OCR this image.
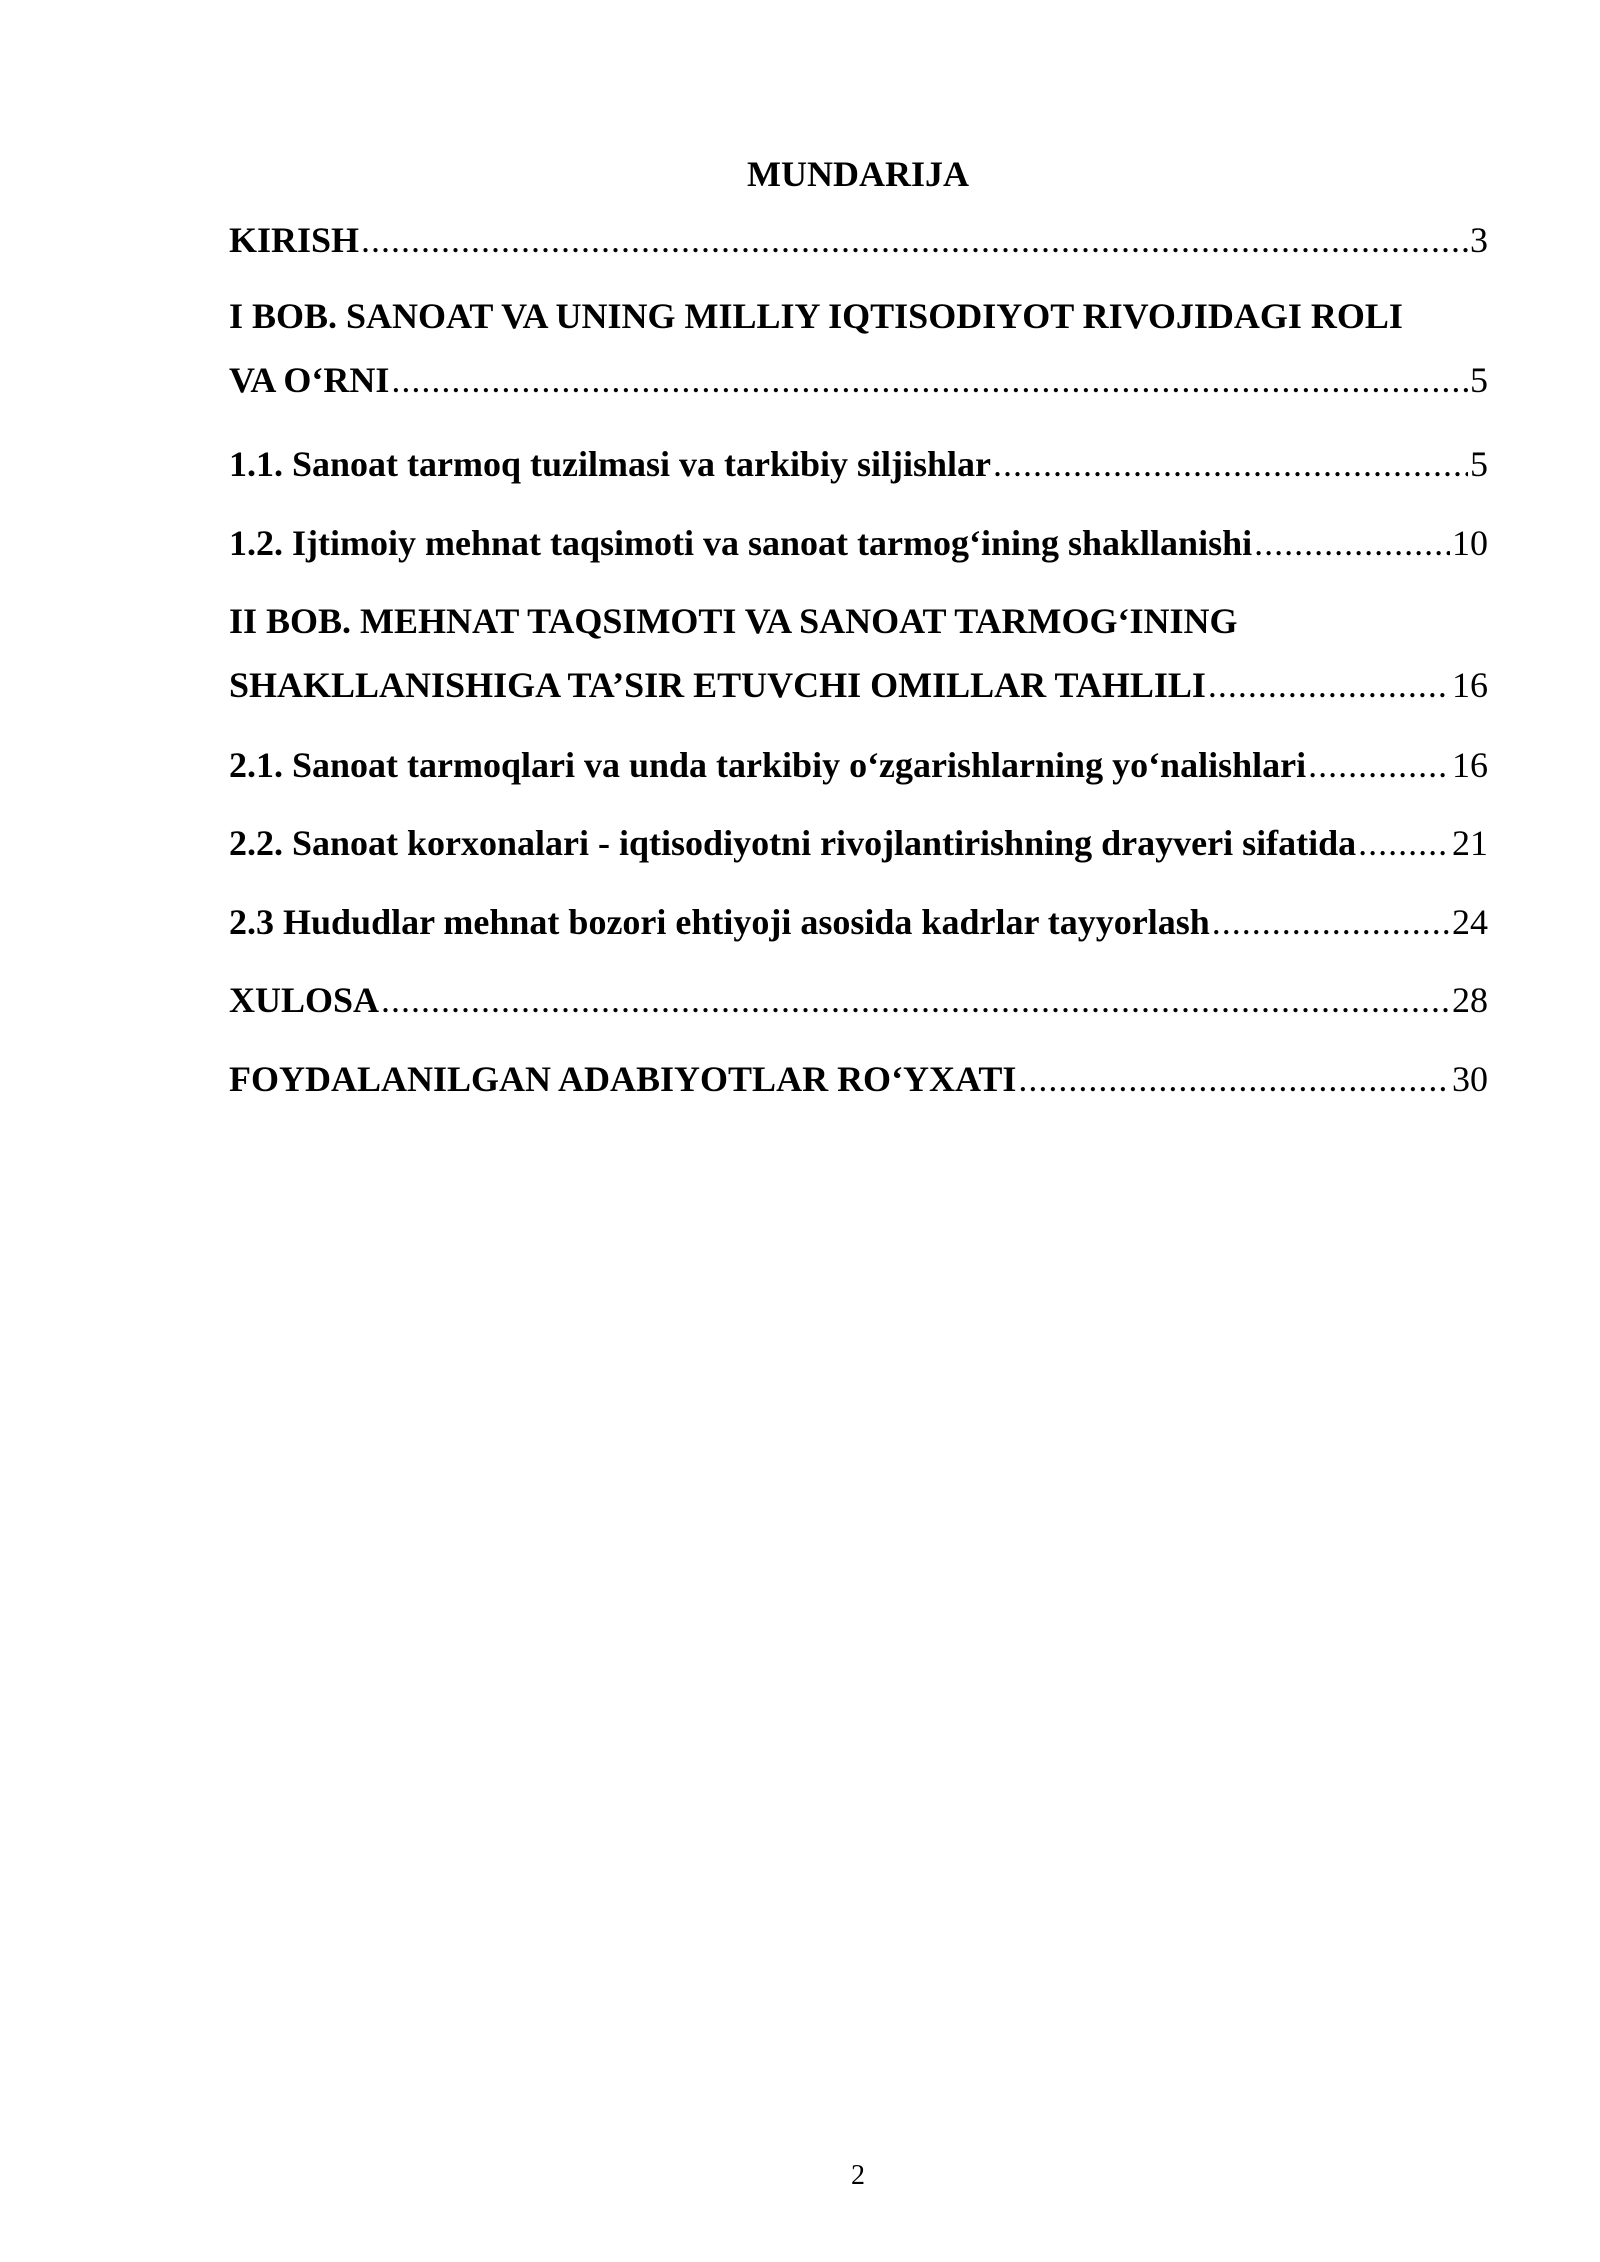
MUNDARIJA
KIRISH .....	3
I BOB. SANOAT VA UNING MILLIY IQTISODIYOT RIVOJIDAGI ROLI
VA O‘RNI .....	5
1.1. Sanoat tarmoq tuzilmasi va tarkibiy siljishlar .....	5
1.2. Ijtimoiy mehnat taqsimoti va sanoat tarmog‘ining shakllanishi .....	10
II BOB. MEHNAT TAQSIMOTI VA SANOAT TARMOG‘INING
SHAKLLANISHIGA TA’SIR ETUVCHI OMILLAR TAHLILI .....	16
2.1. Sanoat tarmoqlari va unda tarkibiy o‘zgarishlarning yo‘nalishlari .....	16
2.2. Sanoat korxonalari - iqtisodiyotni rivojlantirishning drayveri sifatida .....	21
2.3 Hududlar mehnat bozori ehtiyoji asosida kadrlar tayyorlash .....	24
XULOSA .....	28
FOYDALANILGAN ADABIYOTLAR RO‘YXATI .....	30
2
